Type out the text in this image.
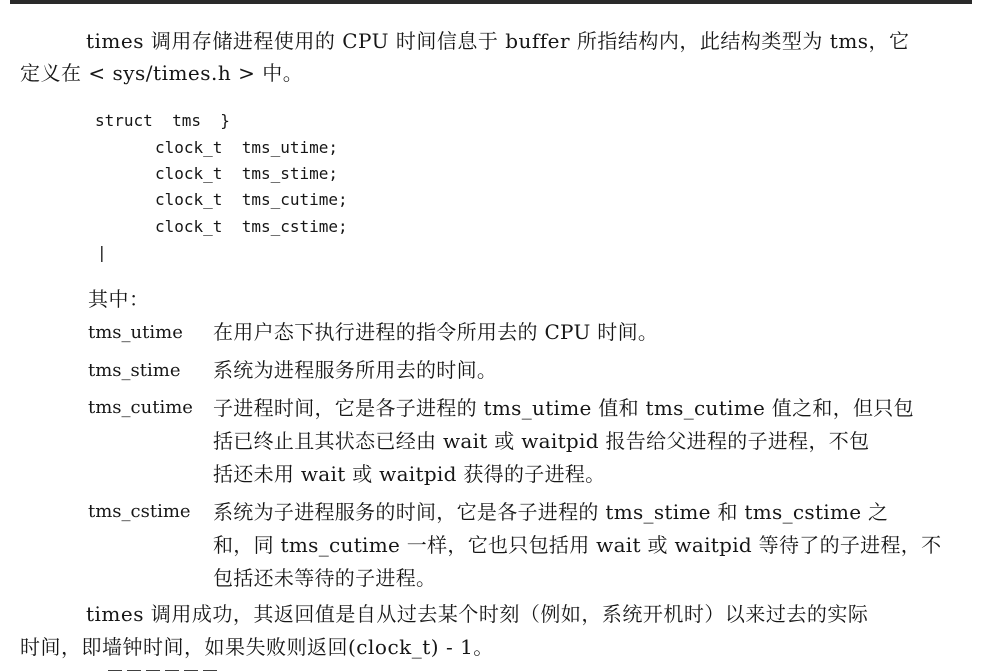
times 调用存储进程使用的 CPU 时间信息于 buffer 所指结构内，此结构类型为 tms，它

定义在 < sys/times.h > 中。

struct  tms  }
clock_t  tms_utime;
clock_t  tms_stime;
clock_t  tms_cutime;
clock_t  tms_cstime;
|

其中：

tms_utime 在用户态下执行进程的指令所用去的 CPU 时间。
tms_stime 系统为进程服务所用去的时间。
tms_cutime 子进程时间，它是各子进程的 tms_utime 值和 tms_cutime 值之和，但只包
括已终止且其状态已经由 wait 或 waitpid 报告给父进程的子进程，不包
括还未用 wait 或 waitpid 获得的子进程。
tms_cstime 系统为子进程服务的时间，它是各子进程的 tms_stime 和 tms_cstime 之
和，同 tms_cutime 一样，它也只包括用 wait 或 waitpid 等待了的子进程，不
包括还未等待的子进程。

times 调用成功，其返回值是自从过去某个时刻（例如，系统开机时）以来过去的实际

时间，即墙钟时间，如果失败则返回(clock_t) - 1。
